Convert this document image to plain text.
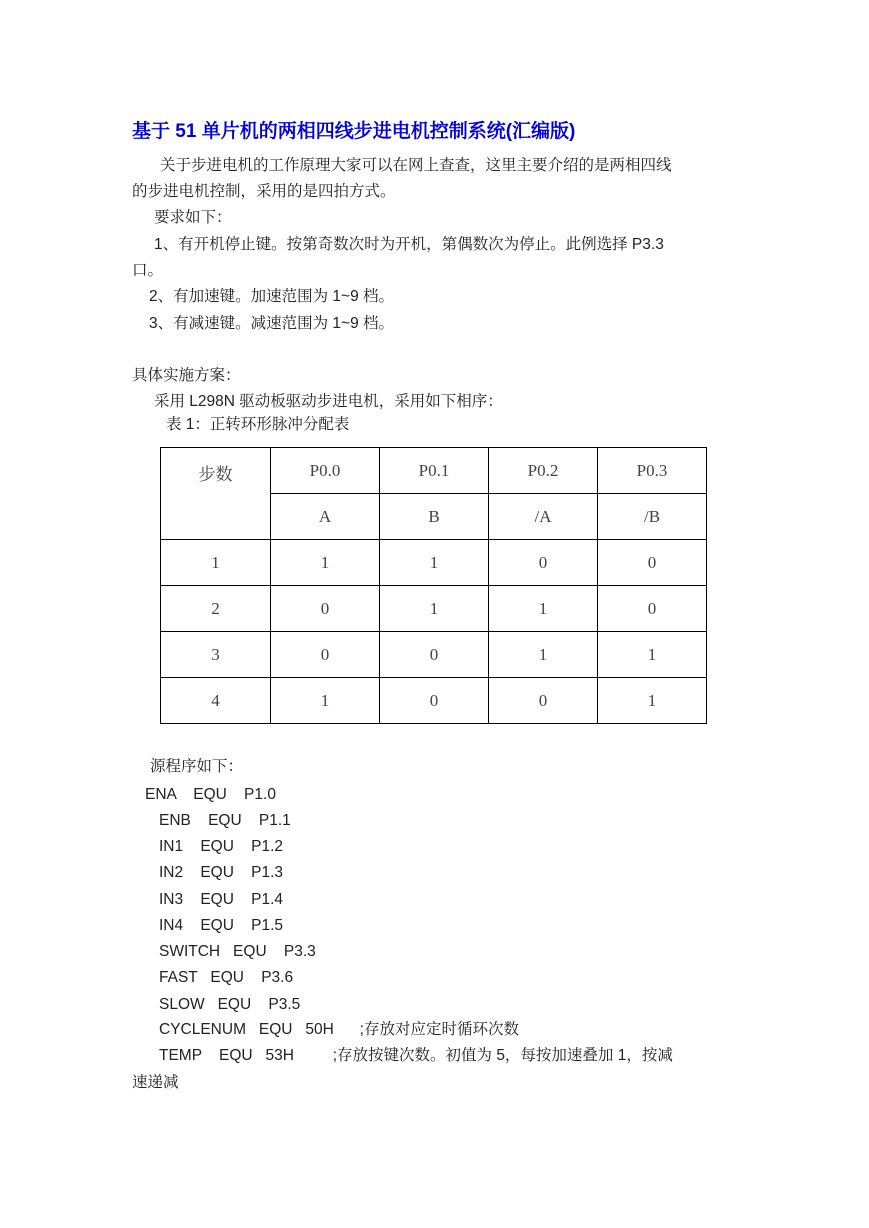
基于 51 单片机的两相四线步进电机控制系统(汇编版)
关于步进电机的工作原理大家可以在网上查查，这里主要介绍的是两相四线
的步进电机控制，采用的是四拍方式。
要求如下：
1、有开机停止键。按第奇数次时为开机，第偶数次为停止。此例选择 P3.3
口。
2、有加速键。加速范围为 1~9 档。
3、有减速键。减速范围为 1~9 档。
具体实施方案：
采用 L298N 驱动板驱动步进电机，采用如下相序：
表 1：正转环形脉冲分配表
步数	P0.0	P0.1	P0.2	P0.3
	A	B	/A	/B
1	1	1	0	0
2	0	1	1	0
3	0	0	1	1
4	1	0	0	1
源程序如下：
ENA    EQU    P1.0
ENB    EQU    P1.1
IN1    EQU    P1.2
IN2    EQU    P1.3
IN3    EQU    P1.4
IN4    EQU    P1.5
SWITCH   EQU    P3.3
FAST   EQU    P3.6
SLOW   EQU    P3.5
CYCLENUM   EQU   50H      ;存放对应定时循环次数
TEMP    EQU   53H         ;存放按键次数。初值为 5，每按加速叠加 1，按减
速递减
